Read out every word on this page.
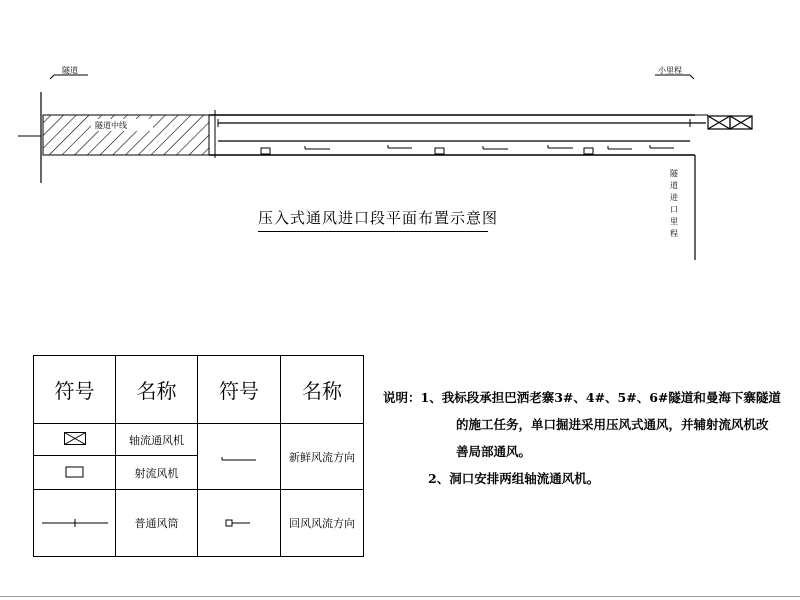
隧道	小里程
隧道中线
隧道进口里程
压入式通风进口段平面布置示意图
符号	名称	符号	名称
	轴流通风机		新鲜风流方向
	射流风机		
	普通风筒		回风风流方向
说明：1、我标段承担巴洒老寨3#、4#、5#、6#隧道和曼海下寨隧道
的施工任务，单口掘进采用压风式通风，并辅射流风机改
善局部通风。
2、洞口安排两组轴流通风机。
